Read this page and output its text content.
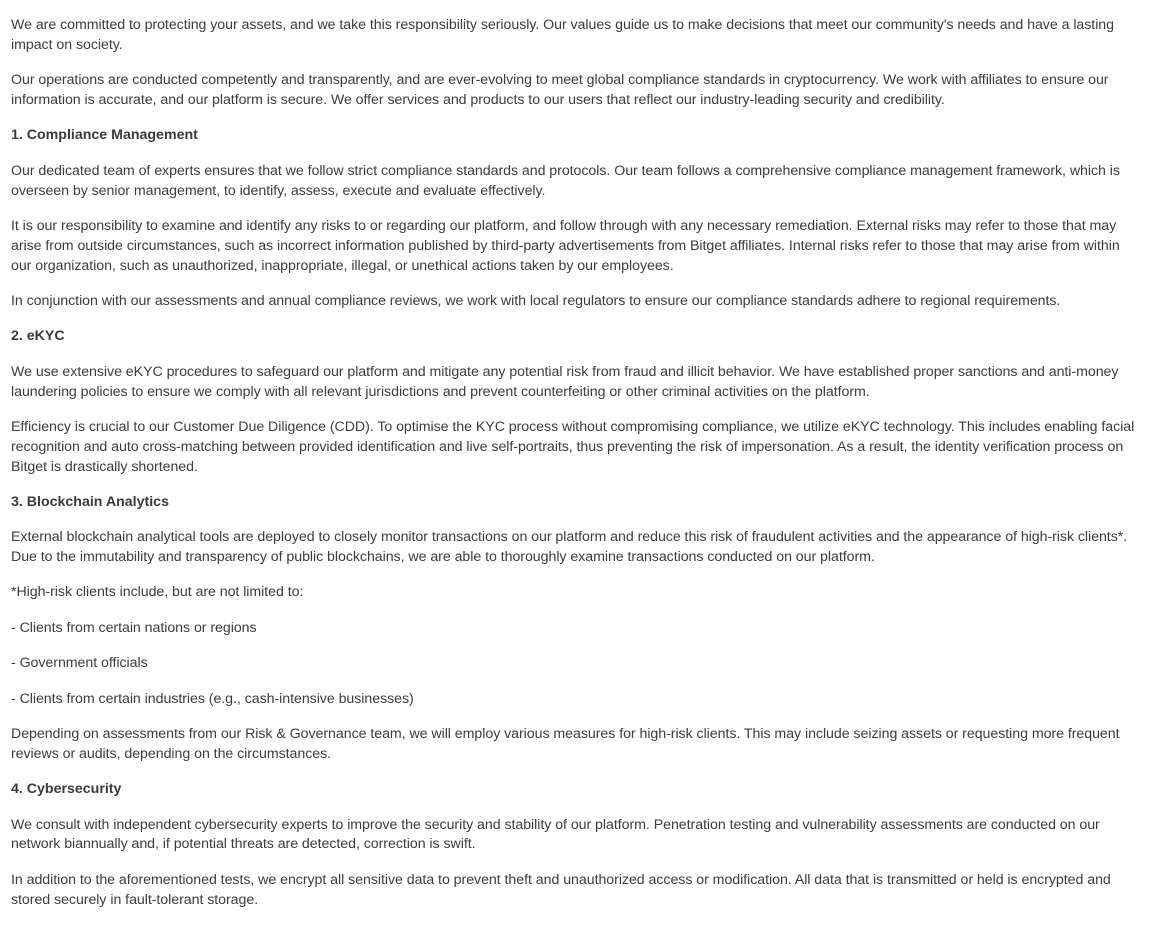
We are committed to protecting your assets, and we take this responsibility seriously. Our values guide us to make decisions that meet our community's needs and have a lasting impact on society.

Our operations are conducted competently and transparently, and are ever-evolving to meet global compliance standards in cryptocurrency. We work with affiliates to ensure our information is accurate, and our platform is secure. We offer services and products to our users that reflect our industry-leading security and credibility.

1. Compliance Management

Our dedicated team of experts ensures that we follow strict compliance standards and protocols. Our team follows a comprehensive compliance management framework, which is overseen by senior management, to identify, assess, execute and evaluate effectively.

It is our responsibility to examine and identify any risks to or regarding our platform, and follow through with any necessary remediation. External risks may refer to those that may arise from outside circumstances, such as incorrect information published by third-party advertisements from Bitget affiliates. Internal risks refer to those that may arise from within our organization, such as unauthorized, inappropriate, illegal, or unethical actions taken by our employees.

In conjunction with our assessments and annual compliance reviews, we work with local regulators to ensure our compliance standards adhere to regional requirements.

2. eKYC

We use extensive eKYC procedures to safeguard our platform and mitigate any potential risk from fraud and illicit behavior. We have established proper sanctions and anti-money laundering policies to ensure we comply with all relevant jurisdictions and prevent counterfeiting or other criminal activities on the platform.

Efficiency is crucial to our Customer Due Diligence (CDD). To optimise the KYC process without compromising compliance, we utilize eKYC technology. This includes enabling facial recognition and auto cross-matching between provided identification and live self-portraits, thus preventing the risk of impersonation. As a result, the identity verification process on Bitget is drastically shortened.

3. Blockchain Analytics

External blockchain analytical tools are deployed to closely monitor transactions on our platform and reduce this risk of fraudulent activities and the appearance of high-risk clients*. Due to the immutability and transparency of public blockchains, we are able to thoroughly examine transactions conducted on our platform.

*High-risk clients include, but are not limited to:

- Clients from certain nations or regions

- Government officials

- Clients from certain industries (e.g., cash-intensive businesses)

Depending on assessments from our Risk & Governance team, we will employ various measures for high-risk clients. This may include seizing assets or requesting more frequent reviews or audits, depending on the circumstances.

4. Cybersecurity

We consult with independent cybersecurity experts to improve the security and stability of our platform. Penetration testing and vulnerability assessments are conducted on our network biannually and, if potential threats are detected, correction is swift.

In addition to the aforementioned tests, we encrypt all sensitive data to prevent theft and unauthorized access or modification. All data that is transmitted or held is encrypted and stored securely in fault-tolerant storage.
